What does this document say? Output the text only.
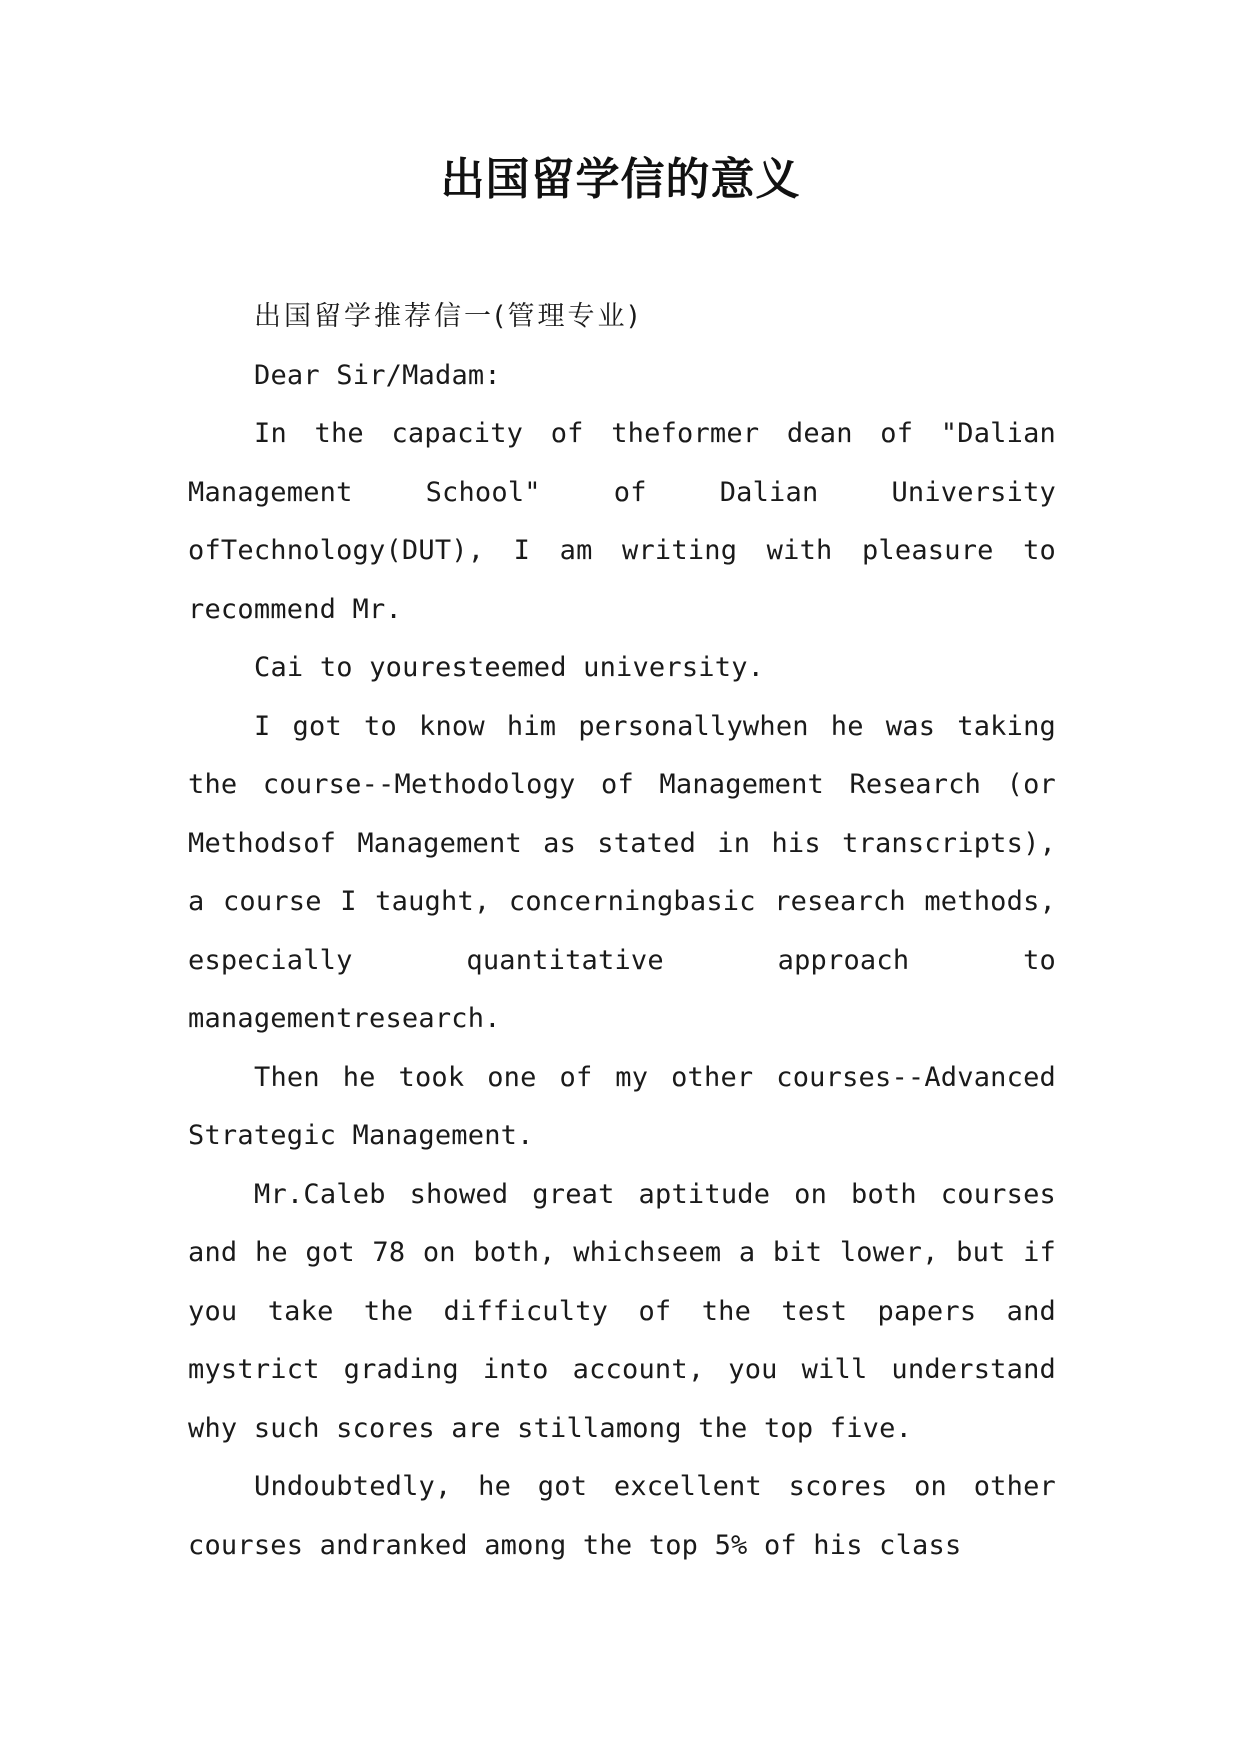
出国留学信的意义

出国留学推荐信一(管理专业)

Dear Sir/Madam:

In the capacity of theformer dean of "Dalian Management School" of Dalian University ofTechnology(DUT), I am writing with pleasure to recommend Mr.

Cai to youresteemed university.

I got to know him personallywhen he was taking the course--Methodology of Management Research (or Methodsof Management as stated in his transcripts), a course I taught, concerningbasic research methods, especially quantitative approach to managementresearch.

Then he took one of my other courses--Advanced Strategic Management.

Mr.Caleb showed great aptitude on both courses and he got 78 on both, whichseem a bit lower, but if you take the difficulty of the test papers and mystrict grading into account, you will understand why such scores are stillamong the top five.

Undoubtedly, he got excellent scores on other courses andranked among the top 5% of his class
